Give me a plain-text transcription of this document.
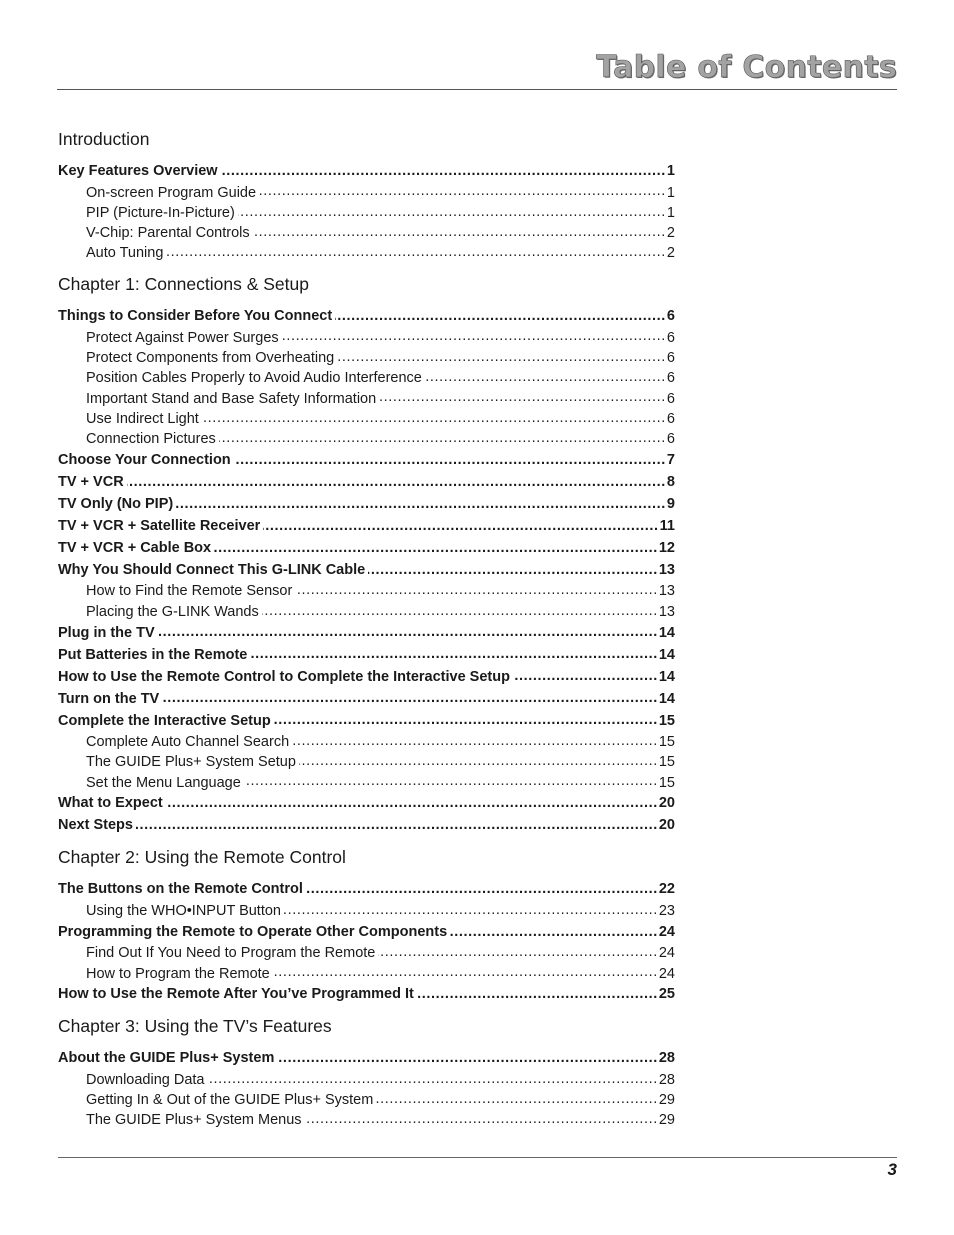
Table of Contents
Introduction
Key Features Overview .....	1
On-screen Program Guide .....	1
PIP (Picture-In-Picture) .....	1
V-Chip: Parental Controls .....	2
Auto Tuning .....	2
Chapter 1: Connections & Setup
Things to Consider Before You Connect .....	6
Protect Against Power Surges .....	6
Protect Components from Overheating .....	6
Position Cables Properly to Avoid Audio Interference .....	6
Important Stand and Base Safety Information .....	6
Use Indirect Light .....	6
Connection Pictures .....	6
Choose Your Connection .....	7
TV + VCR .....	8
TV Only (No PIP) .....	9
TV + VCR + Satellite Receiver .....	11
TV + VCR + Cable Box .....	12
Why You Should Connect This G-LINK Cable .....	13
How to Find the Remote Sensor .....	13
Placing the G-LINK Wands .....	13
Plug in the TV .....	14
Put Batteries in the Remote .....	14
How to Use the Remote Control to Complete the Interactive Setup .....	14
Turn on the TV .....	14
Complete the Interactive Setup .....	15
Complete Auto Channel Search .....	15
The GUIDE Plus+ System Setup .....	15
Set the Menu Language .....	15
What to Expect .....	20
Next Steps .....	20
Chapter 2: Using the Remote Control
The Buttons on the Remote Control .....	22
Using the WHO•INPUT Button .....	23
Programming the Remote to Operate Other Components .....	24
Find Out If You Need to Program the Remote .....	24
How to Program the Remote .....	24
How to Use the Remote After You’ve Programmed It .....	25
Chapter 3: Using the TV’s Features
About the GUIDE Plus+ System .....	28
Downloading Data .....	28
Getting In & Out of the GUIDE Plus+ System .....	29
The GUIDE Plus+ System Menus .....	29
3
